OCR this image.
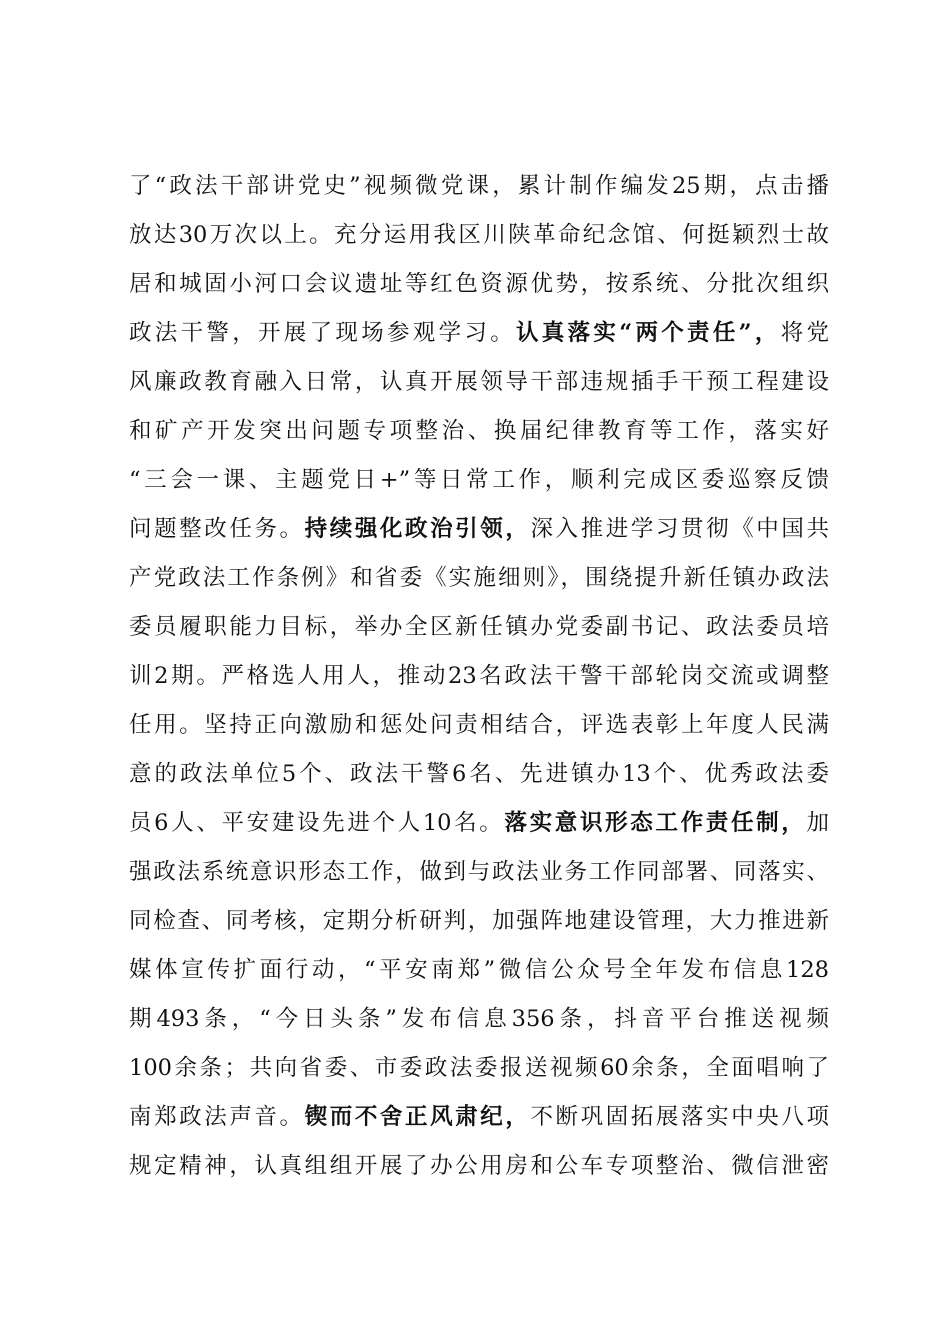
了“政法干部讲党史”视频微党课，累计制作编发25期，点击播
放达30万次以上。充分运用我区川陕革命纪念馆、何挺颖烈士故
居和城固小河口会议遗址等红色资源优势，按系统、分批次组织
政法干警，开展了现场参观学习。认真落实“两个责任”，将党
风廉政教育融入日常，认真开展领导干部违规插手干预工程建设
和矿产开发突出问题专项整治、换届纪律教育等工作，落实好
“三会一课、主题党日+”等日常工作，顺利完成区委巡察反馈
问题整改任务。持续强化政治引领，深入推进学习贯彻《中国共
产党政法工作条例》和省委《实施细则》，围绕提升新任镇办政法
委员履职能力目标，举办全区新任镇办党委副书记、政法委员培
训2期。严格选人用人，推动23名政法干警干部轮岗交流或调整
任用。坚持正向激励和惩处问责相结合，评选表彰上年度人民满
意的政法单位5个、政法干警6名、先进镇办13个、优秀政法委
员6人、平安建设先进个人10名。落实意识形态工作责任制，加
强政法系统意识形态工作，做到与政法业务工作同部署、同落实、
同检查、同考核，定期分析研判，加强阵地建设管理，大力推进新
媒体宣传扩面行动，“平安南郑”微信公众号全年发布信息128
期493条，“今日头条”发布信息356条，抖音平台推送视频
100余条；共向省委、市委政法委报送视频60余条，全面唱响了
南郑政法声音。锲而不舍正风肃纪，不断巩固拓展落实中央八项
规定精神，认真组组开展了办公用房和公车专项整治、微信泄密
